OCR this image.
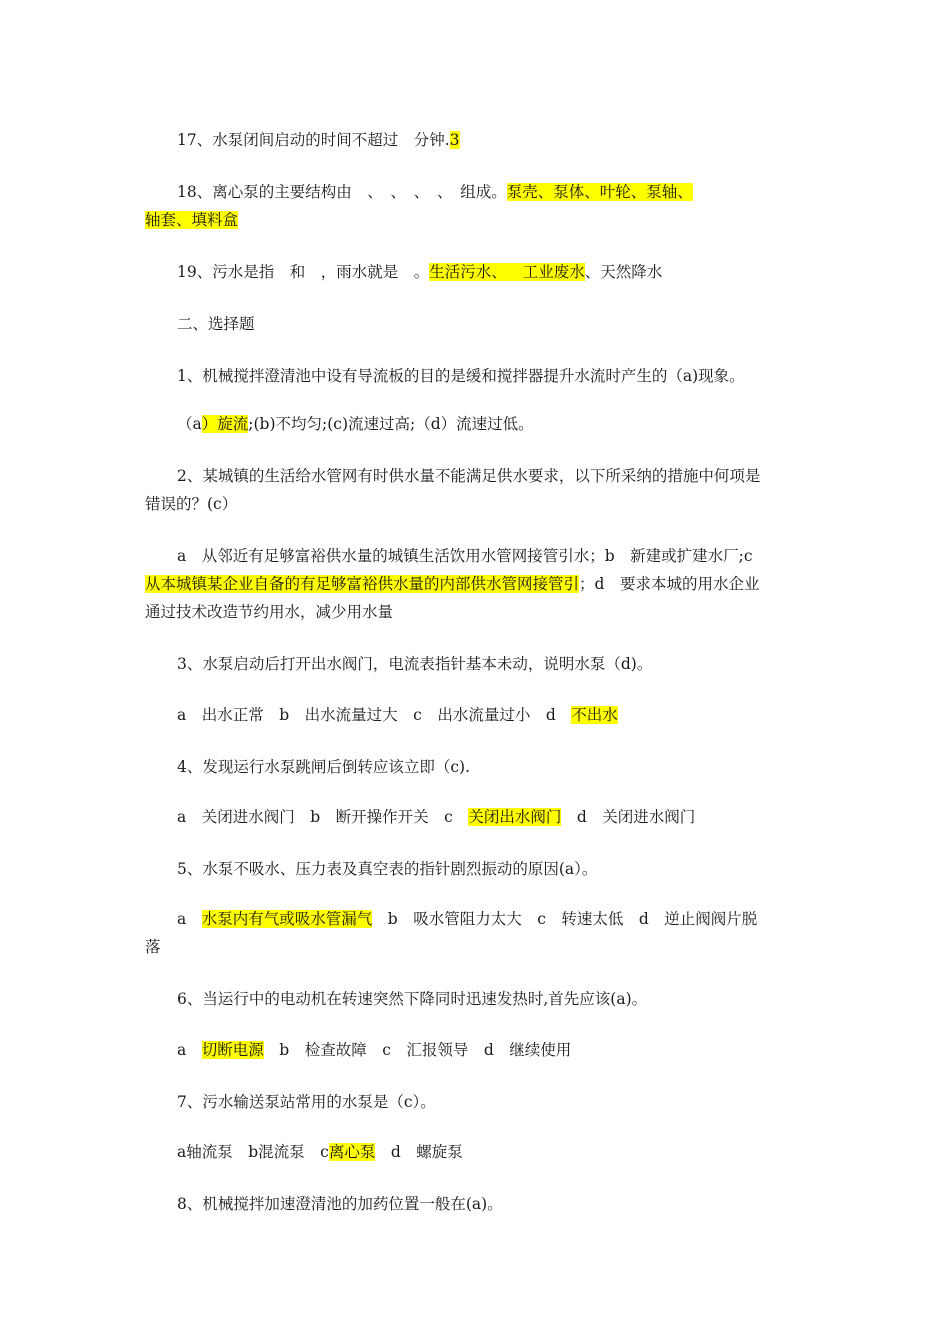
17、水泵闭间启动的时间不超过　分钟.3
18、离心泵的主要结构由　、　、　、　、　组成。泵壳、泵体、叶轮、泵轴、
轴套、填料盒
19、污水是指　和　，雨水就是　。生活污水、 工业废水、天然降水
二、选择题
1、机械搅拌澄清池中设有导流板的目的是缓和搅拌器提升水流时产生的（a)现象。
（a）旋流;(b)不均匀;(c)流速过高;（d）流速过低。
2、某城镇的生活给水管网有时供水量不能满足供水要求，以下所采纳的措施中何项是
错误的？(c）
a　从邻近有足够富裕供水量的城镇生活饮用水管网接管引水；b　新建或扩建水厂;c
从本城镇某企业自备的有足够富裕供水量的内部供水管网接管引；d　要求本城的用水企业
通过技术改造节约用水，减少用水量
3、水泵启动后打开出水阀门，电流表指针基本未动，说明水泵（d)。
a　出水正常　b　出水流量过大　c　出水流量过小　d　不出水
4、发现运行水泵跳闸后倒转应该立即（c).
a　关闭进水阀门　b　断开操作开关　c　关闭出水阀门　d　关闭进水阀门
5、水泵不吸水、压力表及真空表的指针剧烈振动的原因(a）。
a　水泵内有气或吸水管漏气　b　吸水管阻力太大　c　转速太低　d　逆止阀阀片脱
落
6、当运行中的电动机在转速突然下降同时迅速发热时,首先应该(a)。
a　切断电源　b　检查故障　c　汇报领导　d　继续使用
7、污水输送泵站常用的水泵是（c）。
a轴流泵　b混流泵　c离心泵　d　螺旋泵
8、机械搅拌加速澄清池的加药位置一般在(a)。
